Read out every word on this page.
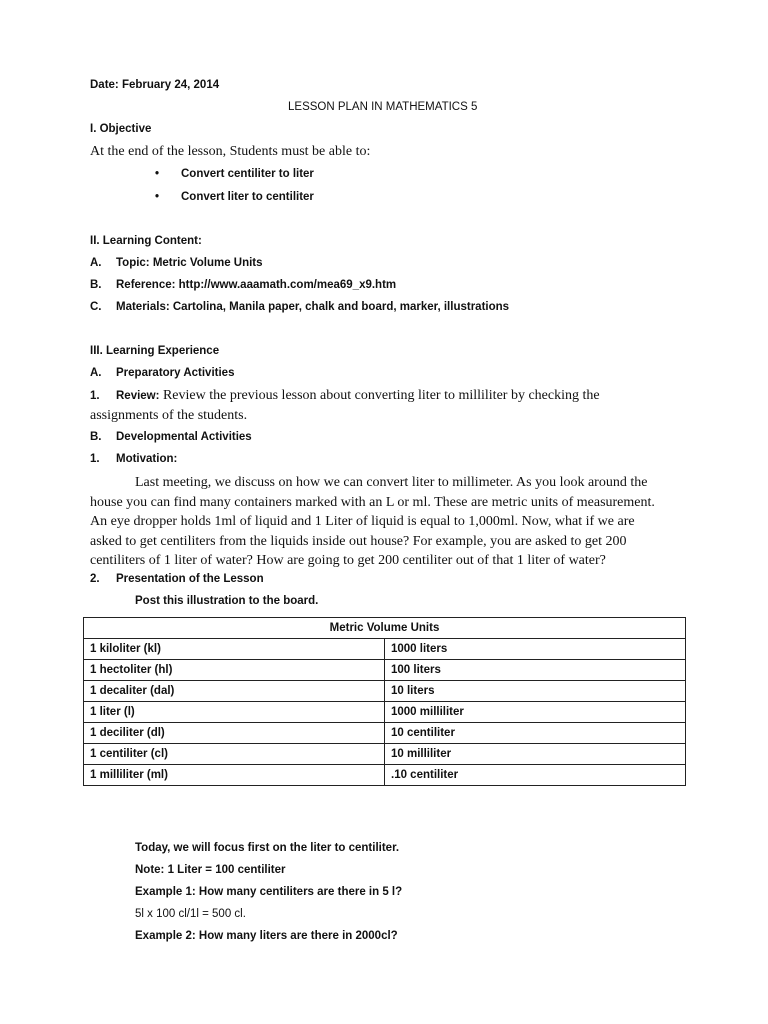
Date: February 24, 2014
LESSON PLAN IN MATHEMATICS 5
I. Objective
At the end of the lesson, Students must be able to:
• Convert centiliter to liter
• Convert liter to centiliter
II. Learning Content:
A. Topic: Metric Volume Units
B. Reference: http://www.aaamath.com/mea69_x9.htm
C. Materials: Cartolina, Manila paper, chalk and board, marker, illustrations
III. Learning Experience
A. Preparatory Activities
1. Review: Review the previous lesson about converting liter to milliliter by checking the
assignments of the students.
B. Developmental Activities
1. Motivation:
Last meeting, we discuss on how we can convert liter to millimeter. As you look around the
house you can find many containers marked with an L or ml. These are metric units of measurement.
An eye dropper holds 1ml of liquid and 1 Liter of liquid is equal to 1,000ml. Now, what if we are
asked to get centiliters from the liquids inside out house? For example, you are asked to get 200
centiliters of 1 liter of water? How are going to get 200 centiliter out of that 1 liter of water?
2. Presentation of the Lesson
Post this illustration to the board.
Metric Volume Units	
1 kiloliter (kl)	1000 liters
1 hectoliter (hl)	100 liters
1 decaliter (dal)	10 liters
1 liter (l)	1000 milliliter
1 deciliter (dl)	10 centiliter
1 centiliter (cl)	10 milliliter
1 milliliter (ml)	.10 centiliter
Today, we will focus first on the liter to centiliter.
Note: 1 Liter = 100 centiliter
Example 1: How many centiliters are there in 5 l?
5l x 100 cl/1l = 500 cl.
Example 2: How many liters are there in 2000cl?
